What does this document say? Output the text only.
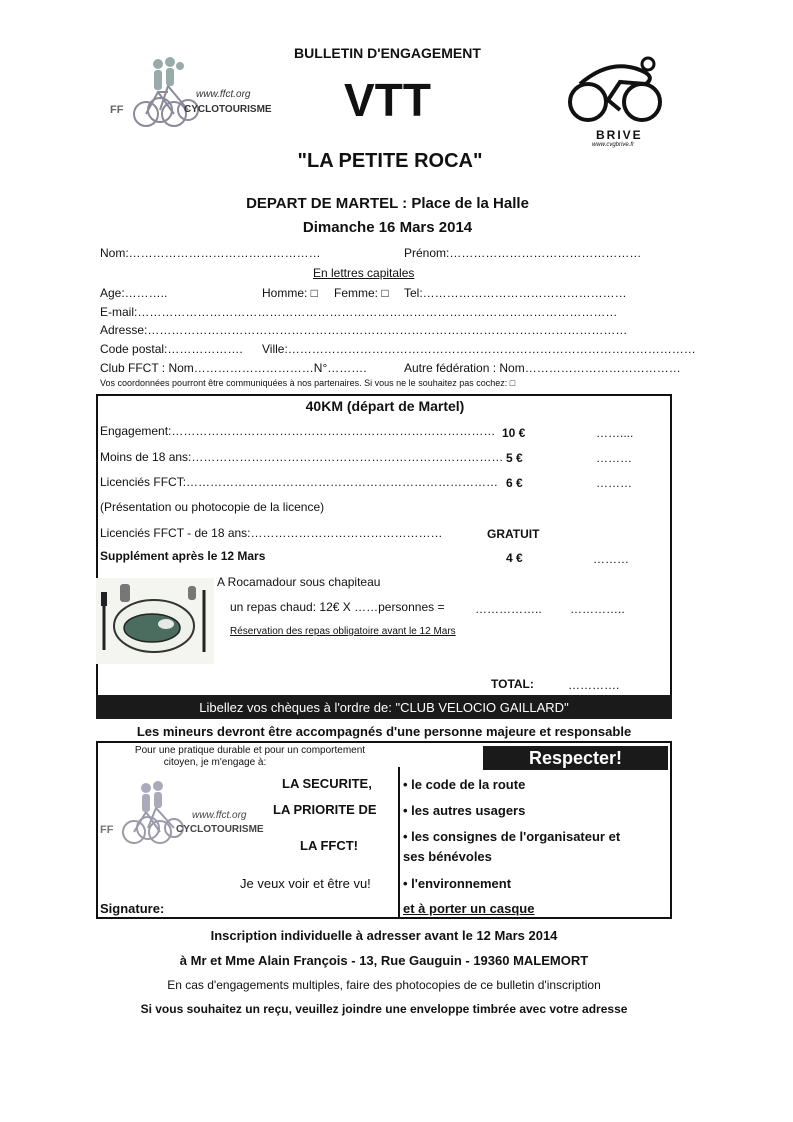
www.ffct.org
FF	CYCLOTOURISME
BRIVE
www.cvgbrive.fr
BULLETIN D'ENGAGEMENT
VTT
"LA PETITE ROCA"
DEPART DE MARTEL : Place de la Halle
Dimanche 16 Mars 2014
Nom:…………………………………………	Prénom:…………………………………………
En lettres capitales
Age:………..	Homme: □ Femme: □ Tel:……………………………………………
E-mail:…………………………………………………………………………………………………………
Adresse:…………………………………………………………………………………………………………
Code postal:………………. Ville:…………………………………………………………………………………………
Club FFCT : Nom…………………………N°……….	Autre fédération : Nom…………………………………
Vos coordonnées pourront être communiquées à nos partenaires. Si vous ne le souhaitez pas cochez: □
40KM (départ de Martel)
Engagement:……………………………………………………………………… 10 €	……....
Moins de 18 ans:…………………………………………………………………… 5 €	………
Licenciés FFCT:…………………………………………………………………… 6 €	………
(Présentation ou photocopie de la licence)
Licenciés FFCT - de 18 ans:…………………………………………	GRATUIT
Supplément après le 12 Mars	4 €	………
A Rocamadour sous chapiteau
un repas chaud: 12€ X ……personnes =	…………….. …………..
Réservation des repas obligatoire avant le 12 Mars
TOTAL:	………….
Libellez vos chèques à l'ordre de: "CLUB VELOCIO GAILLARD"
Les mineurs devront être accompagnés d'une personne majeure et responsable
Respecter!
Pour une pratique durable et pour un comportement
citoyen, je m'engage à:
www.ffct.org
FF	CYCLOTOURISME
LA SECURITE,
LA PRIORITE DE
LA FFCT!
Je veux voir et être vu!
Signature:
• le code de la route
• les autres usagers
• les consignes de l'organisateur et
ses bénévoles
• l'environnement
et à porter un casque
Inscription individuelle à adresser avant le 12 Mars 2014
à Mr et Mme Alain François - 13, Rue Gauguin - 19360 MALEMORT
En cas d'engagements multiples, faire des photocopies de ce bulletin d'inscription
Si vous souhaitez un reçu, veuillez joindre une enveloppe timbrée avec votre adresse
